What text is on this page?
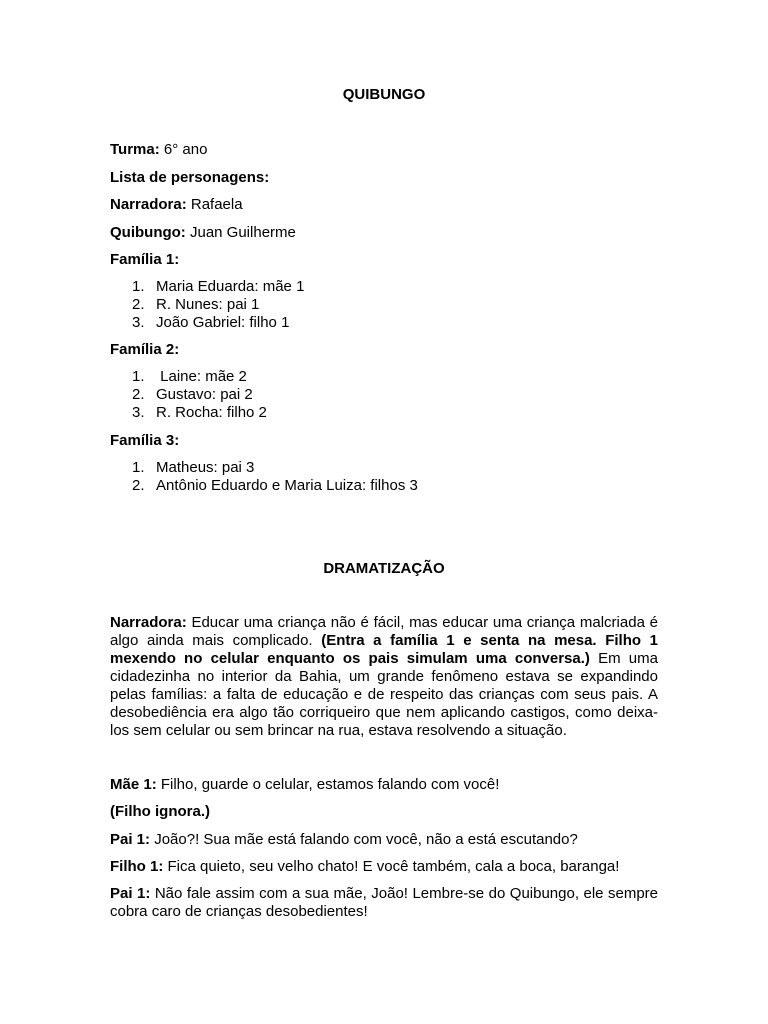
QUIBUNGO
Turma: 6° ano
Lista de personagens:
Narradora: Rafaela
Quibungo: Juan Guilherme
Família 1:
1. Maria Eduarda: mãe 1
2. R. Nunes: pai 1
3. João Gabriel: filho 1
Família 2:
1. Laine: mãe 2
2. Gustavo: pai 2
3. R. Rocha: filho 2
Família 3:
1. Matheus: pai 3
2. Antônio Eduardo e Maria Luiza: filhos 3
DRAMATIZAÇÃO
Narradora: Educar uma criança não é fácil, mas educar uma criança malcriada é algo ainda mais complicado. (Entra a família 1 e senta na mesa. Filho 1 mexendo no celular enquanto os pais simulam uma conversa.) Em uma cidadezinha no interior da Bahia, um grande fenômeno estava se expandindo pelas famílias: a falta de educação e de respeito das crianças com seus pais. A desobediência era algo tão corriqueiro que nem aplicando castigos, como deixa-los sem celular ou sem brincar na rua, estava resolvendo a situação.
Mãe 1: Filho, guarde o celular, estamos falando com você!
(Filho ignora.)
Pai 1: João?! Sua mãe está falando com você, não a está escutando?
Filho 1: Fica quieto, seu velho chato! E você também, cala a boca, baranga!
Pai 1: Não fale assim com a sua mãe, João! Lembre-se do Quibungo, ele sempre cobra caro de crianças desobedientes!
